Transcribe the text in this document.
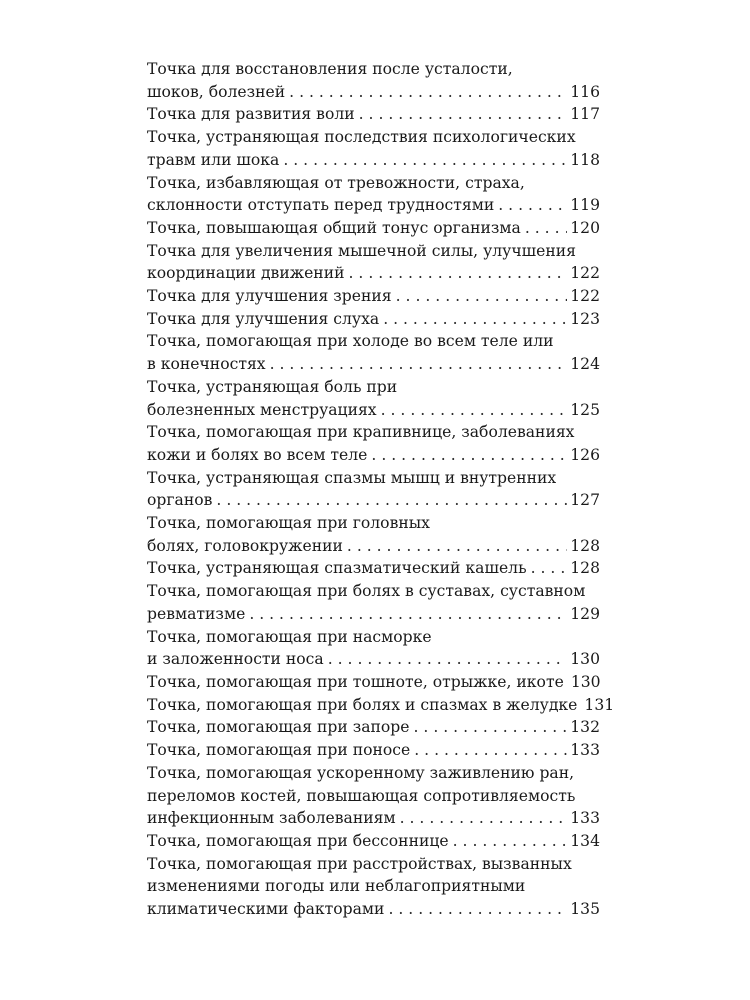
Точка для восстановления после усталости,
шоков, болезней . . .	116
Точка для развития воли . . .	117
Точка, устраняющая последствия психологических
травм или шока . . .	118
Точка, избавляющая от тревожности, страха,
склонности отступать перед трудностями . . .	119
Точка, повышающая общий тонус организма . . .	120
Точка для увеличения мышечной силы, улучшения
координации движений . . .	122
Точка для улучшения зрения . . .	122
Точка для улучшения слуха . . .	123
Точка, помогающая при холоде во всем теле или
в конечностях . . .	124
Точка, устраняющая боль при
болезненных менструациях . . .	125
Точка, помогающая при крапивнице, заболеваниях
кожи и болях во всем теле . . .	126
Точка, устраняющая спазмы мышц и внутренних
органов . . .	127
Точка, помогающая при головных
болях, головокружении . . .	128
Точка, устраняющая спазматический кашель . . .	128
Точка, помогающая при болях в суставах, суставном
ревматизме . . .	129
Точка, помогающая при насморке
и заложенности носа . . .	130
Точка, помогающая при тошноте, отрыжке, икоте 130
Точка, помогающая при болях и спазмах в желудке 131
Точка, помогающая при запоре . . .	132
Точка, помогающая при поносе . . .	133
Точка, помогающая ускоренному заживлению ран,
переломов костей, повышающая сопротивляемость
инфекционным заболеваниям . . .	133
Точка, помогающая при бессоннице . . .	134
Точка, помогающая при расстройствах, вызванных
изменениями погоды или неблагоприятными
климатическими факторами . . .	135
